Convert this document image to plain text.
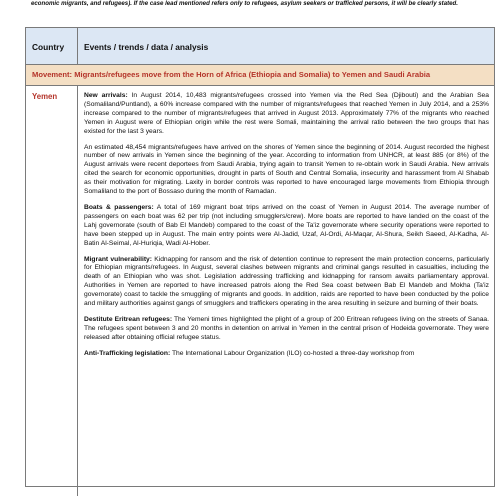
economic migrants, and refugees). If the case lead mentioned refers only to refugees, asylum seekers or trafficked persons, it will be clearly stated.
Country Events / trends / data / analysis
Movement: Migrants/refugees move from the Horn of Africa (Ethiopia and Somalia) to Yemen and Saudi Arabia
Yemen	New arrivals: In August 2014, 10,483 migrants/refugees crossed into Yemen via the Red Sea (Djibouti) and the Arabian Sea (Somaliland/Puntland), a 60% increase compared with the number of migrants/refugees that reached Yemen in July 2014, and a 253% increase compared to the number of migrants/refugees that arrived in August 2013. Approximately 77% of the migrants who reached Yemen in August were of Ethiopian origin while the rest were Somali, maintaining the arrival ratio between the two groups that has existed for the last 3 years.

An estimated 48,454 migrants/refugees have arrived on the shores of Yemen since the beginning of 2014. August recorded the highest number of new arrivals in Yemen since the beginning of the year. According to information from UNHCR, at least 885 (or 8%) of the August arrivals were recent deportees from Saudi Arabia, trying again to transit Yemen to re-obtain work in Saudi Arabia. New arrivals cited the search for economic opportunities, drought in parts of South and Central Somalia, insecurity and harassment from Al Shabab as their motivation for migrating. Laxity in border controls was reported to have encouraged large movements from Ethiopia through Somaliland to the port of Bossaso during the month of Ramadan.

Boats & passengers: A total of 169 migrant boat trips arrived on the coast of Yemen in August 2014. The average number of passengers on each boat was 62 per trip (not including smugglers/crew). More boats are reported to have landed on the coast of the Lahj governorate (south of Bab El Mandeb) compared to the coast of the Ta'iz governorate where security operations were reported to have been stepped up in August. The main entry points were Al-Jadid, Uzaf, Al-Ordi, Al-Maqar, Al-Shura, Seikh Saeed, Al-Kadha, Al-Batin Al-Seimal, Al-Huriqia, Wadi Al-Hober.

Migrant vulnerability: Kidnapping for ransom and the risk of detention continue to represent the main protection concerns, particularly for Ethiopian migrants/refugees. In August, several clashes between migrants and criminal gangs resulted in casualties, including the death of an Ethiopian who was shot. Legislation addressing trafficking and kidnapping for ransom awaits parliamentary approval. Authorities in Yemen are reported to have increased patrols along the Red Sea coast between Bab El Mandeb and Mokha (Ta'iz governorate) coast to tackle the smuggling of migrants and goods. In addition, raids are reported to have been conducted by the police and military authorities against gangs of smugglers and traffickers operating in the area resulting in seizure and burning of their boats.

Destitute Eritrean refugees: The Yemeni times highlighted the plight of a group of 200 Eritrean refugees living on the streets of Sanaa. The refugees spent between 3 and 20 months in detention on arrival in Yemen in the central prison of Hodeida governorate. They were released after obtaining official refugee status.

Anti-Trafficking legislation: The International Labour Organization (ILO) co-hosted a three-day workshop from
